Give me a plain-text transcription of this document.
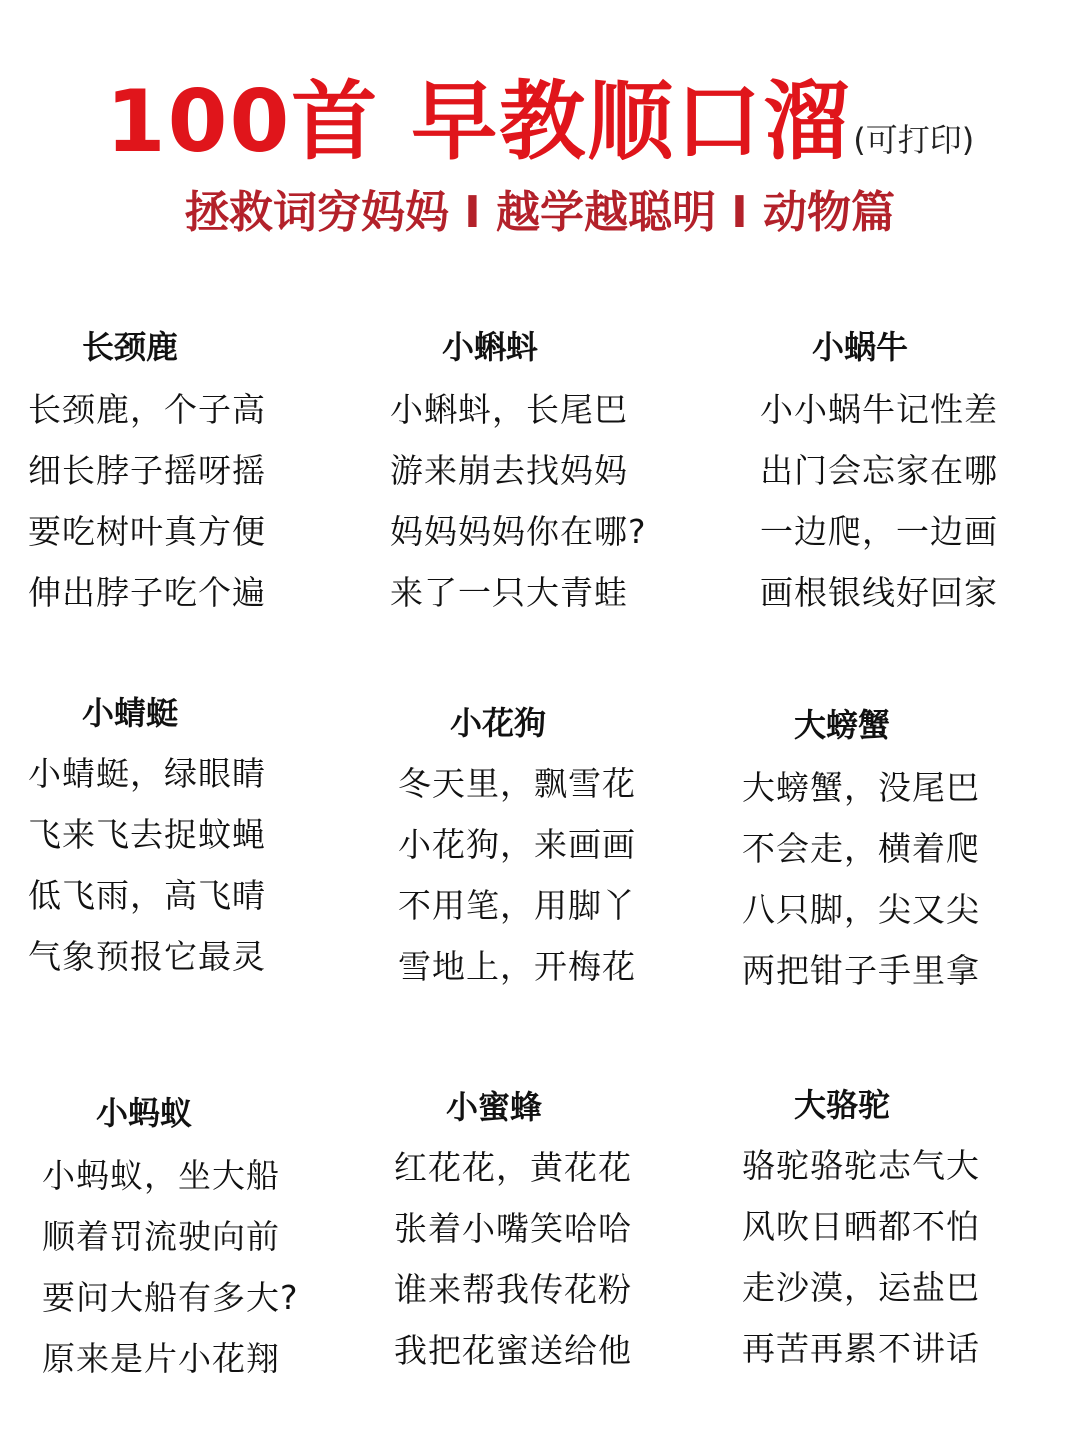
100首 早教顺口溜(可打印)
拯救词穷妈妈 I 越学越聪明 I 动物篇
长颈鹿
长颈鹿，个子高
细长脖子摇呀摇
要吃树叶真方便
伸出脖子吃个遍
小蝌蚪
小蝌蚪，长尾巴
游来崩去找妈妈
妈妈妈妈你在哪?
来了一只大青蛙
小蜗牛
小小蜗牛记性差
出门会忘家在哪
一边爬，一边画
画根银线好回家
小蜻蜓
小蜻蜓，绿眼睛
飞来飞去捉蚊蝇
低飞雨，高飞晴
气象预报它最灵
小花狗
冬天里，飘雪花
小花狗，来画画
不用笔，用脚丫
雪地上，开梅花
大螃蟹
大螃蟹，没尾巴
不会走，横着爬
八只脚，尖又尖
两把钳子手里拿
小蚂蚁
小蚂蚁，坐大船
顺着罚流驶向前
要问大船有多大?
原来是片小花翔
小蜜蜂
红花花，黄花花
张着小嘴笑哈哈
谁来帮我传花粉
我把花蜜送给他
大骆驼
骆驼骆驼志气大
风吹日晒都不怕
走沙漠，运盐巴
再苦再累不讲话
